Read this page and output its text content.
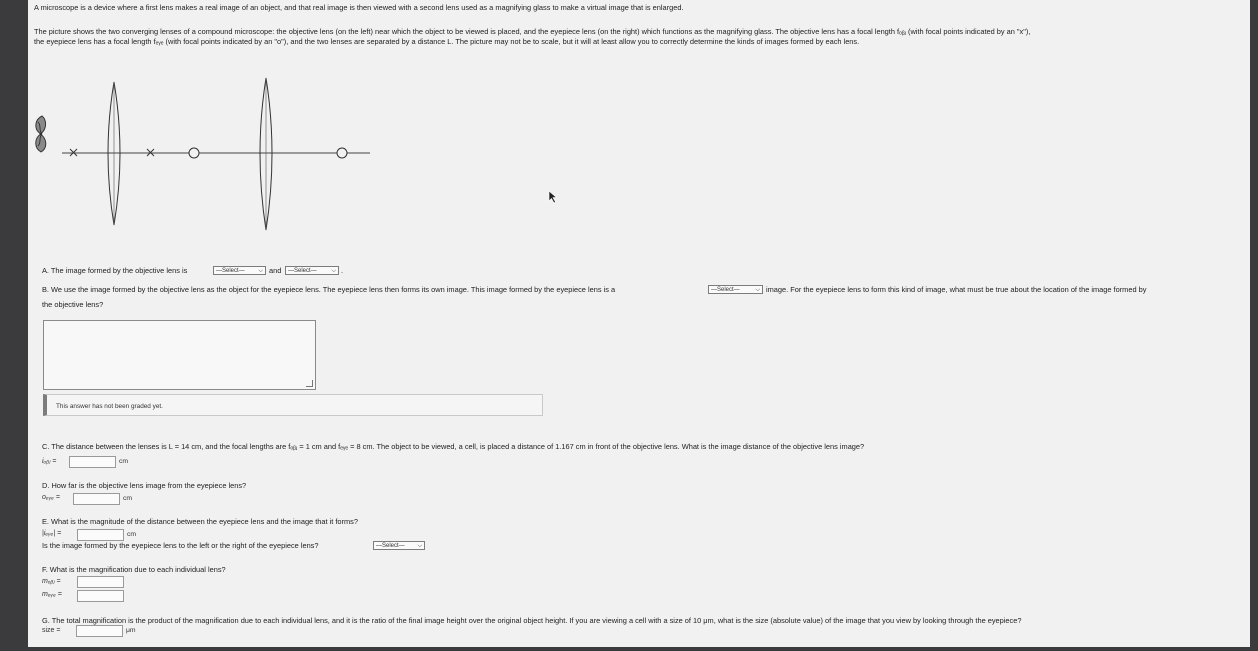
A microscope is a device where a first lens makes a real image of an object, and that real image is then viewed with a second lens used as a magnifying glass to make a virtual image that is enlarged.
The picture shows the two converging lenses of a compound microscope: the objective lens (on the left) near which the object to be viewed is placed, and the eyepiece lens (on the right) which functions as the magnifying glass. The objective lens has a focal length fₒᵦⱼ (with focal points indicated by an "x"),
the eyepiece lens has a focal length fₑᵧₑ (with focal points indicated by an "o"), and the two lenses are separated by a distance L. The picture may not be to scale, but it will at least allow you to correctly determine the kinds of images formed by each lens.
A. The image formed by the objective lens is	—Select— ⌵ and	—Select— ⌵ .
B. We use the image formed by the objective lens as the object for the eyepiece lens. The eyepiece lens then forms its own image. This image formed by the eyepiece lens is a	—Select—	⌵ image. For the eyepiece lens to form this kind of image, what must be true about the location of the image formed by
the objective lens?
This answer has not been graded yet.
C. The distance between the lenses is L = 14 cm, and the focal lengths are fₒᵦⱼ = 1 cm and fₑᵧₑ = 8 cm. The object to be viewed, a cell, is placed a distance of 1.167 cm in front of the objective lens. What is the image distance of the objective lens image?
iₒᵦⱼ =	cm
D. How far is the objective lens image from the eyepiece lens?
oₑᵧₑ =	cm
E. What is the magnitude of the distance between the eyepiece lens and the image that it forms?
|iₑᵧₑ| =	cm
Is the image formed by the eyepiece lens to the left or the right of the eyepiece lens?	—Select— ⌵
F. What is the magnification due to each individual lens?
mₒᵦⱼ =
mₑᵧₑ =
G. The total magnification is the product of the magnification due to each individual lens, and it is the ratio of the final image height over the original object height. If you are viewing a cell with a size of 10 μm, what is the size (absolute value) of the image that you view by looking through the eyepiece?
size =	μm
